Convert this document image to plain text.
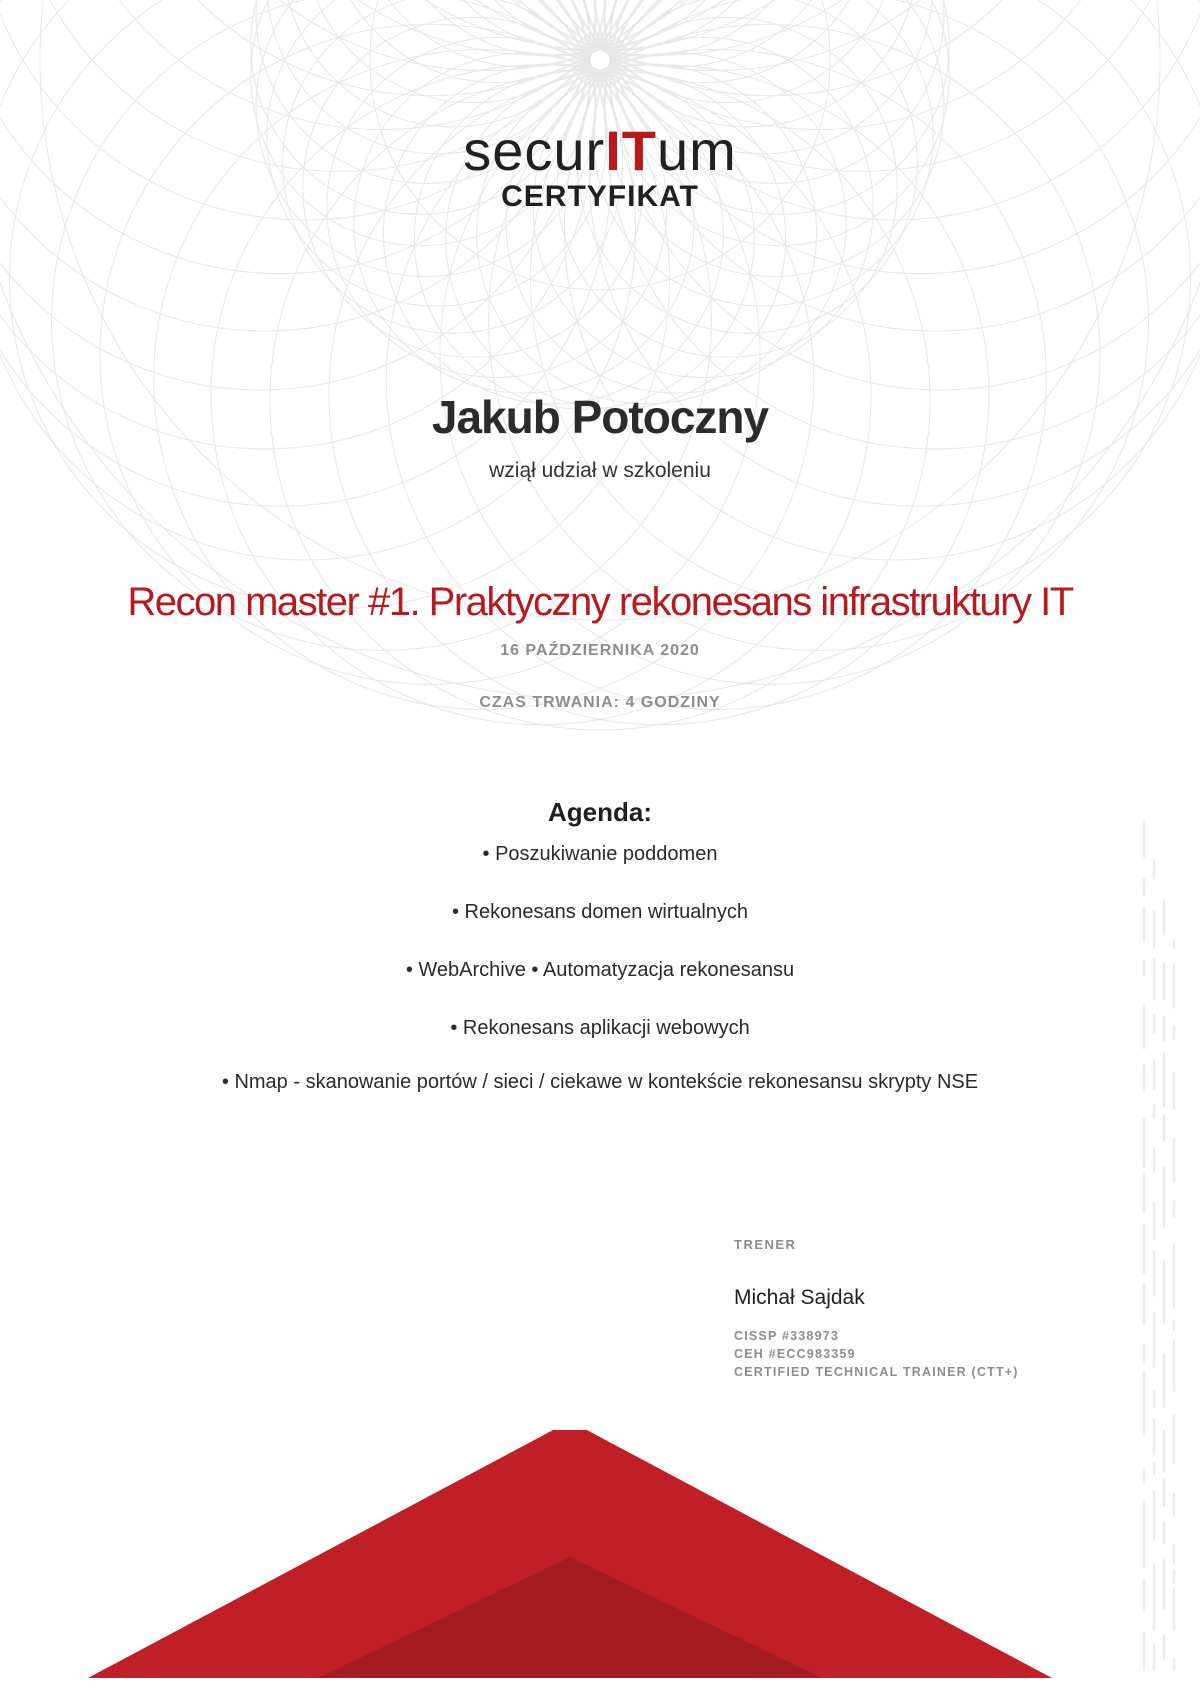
securITum
CERTYFIKAT
Jakub Potoczny
wziął udział w szkoleniu
Recon master #1. Praktyczny rekonesans infrastruktury IT
16 PAŹDZIERNIKA 2020
CZAS TRWANIA: 4 GODZINY
Agenda:
• Poszukiwanie poddomen
• Rekonesans domen wirtualnych
• WebArchive • Automatyzacja rekonesansu
• Rekonesans aplikacji webowych
• Nmap - skanowanie portów / sieci / ciekawe w kontekście rekonesansu skrypty NSE
TRENER
Michał Sajdak
CISSP #338973
CEH #ECC983359
CERTIFIED TECHNICAL TRAINER (CTT+)
